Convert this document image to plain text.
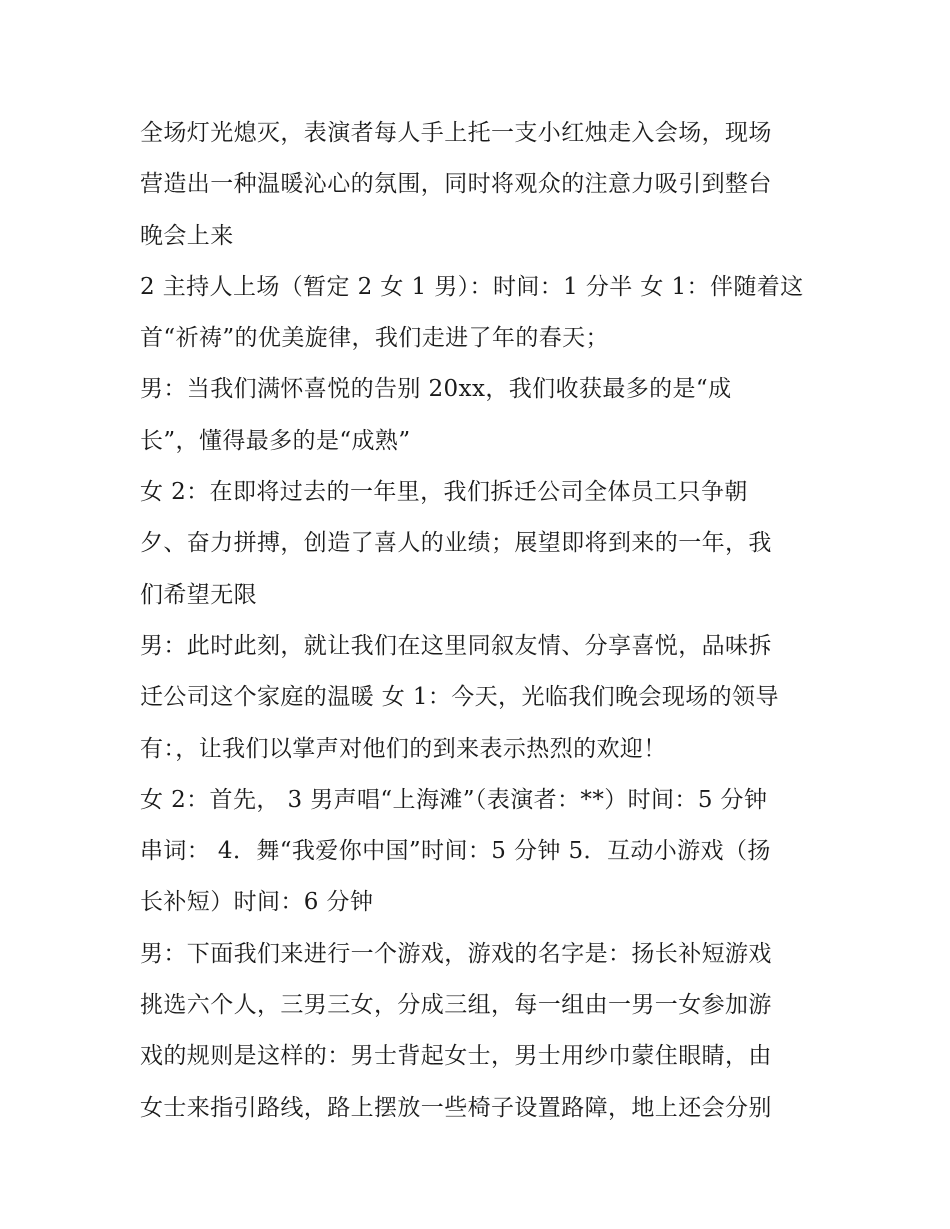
全场灯光熄灭，表演者每人手上托一支小红烛走入会场，现场
营造出一种温暖沁心的氛围，同时将观众的注意力吸引到整台
晚会上来
2 主持人上场（暂定 2 女 1 男）：时间：1 分半 女 1：伴随着这
首“祈祷”的优美旋律，我们走进了年的春天；
男：当我们满怀喜悦的告别 20xx，我们收获最多的是“成
长”，懂得最多的是“成熟”
女 2：在即将过去的一年里，我们拆迁公司全体员工只争朝
夕、奋力拼搏，创造了喜人的业绩；展望即将到来的一年，我
们希望无限
男：此时此刻，就让我们在这里同叙友情、分享喜悦，品味拆
迁公司这个家庭的温暖 女 1：今天，光临我们晚会现场的领导
有：，让我们以掌声对他们的到来表示热烈的欢迎！
女 2：首先， 3 男声唱“上海滩”（表演者：**）时间：5 分钟
串词： 4．舞“我爱你中国”时间：5 分钟 5．互动小游戏（扬
长补短）时间：6 分钟
男：下面我们来进行一个游戏，游戏的名字是：扬长补短游戏
挑选六个人，三男三女，分成三组，每一组由一男一女参加游
戏的规则是这样的：男士背起女士，男士用纱巾蒙住眼睛，由
女士来指引路线，路上摆放一些椅子设置路障，地上还会分别
